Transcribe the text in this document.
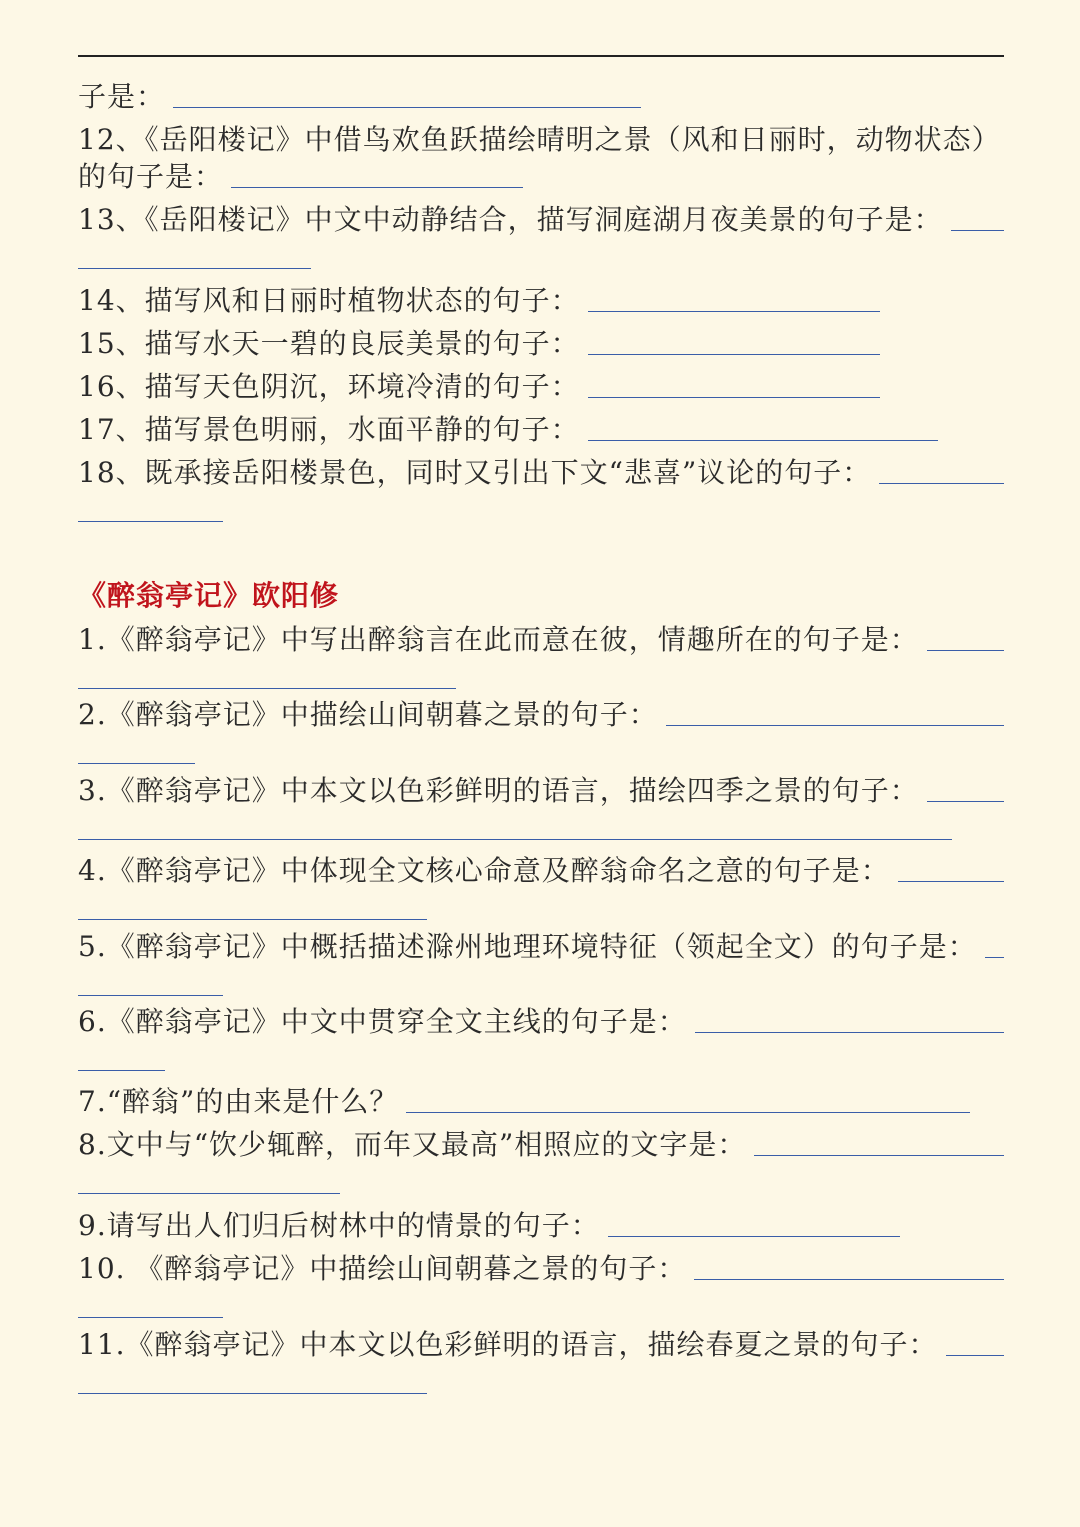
子是：
12、《岳阳楼记》中借鸟欢鱼跃描绘晴明之景（风和日丽时，动物状态）
的句子是：
13、《岳阳楼记》中文中动静结合，描写洞庭湖月夜美景的句子是：
14、描写风和日丽时植物状态的句子：
15、描写水天一碧的良辰美景的句子：
16、描写天色阴沉，环境冷清的句子：
17、描写景色明丽，水面平静的句子：
18、既承接岳阳楼景色，同时又引出下文“悲喜”议论的句子：
《醉翁亭记》欧阳修
1.《醉翁亭记》中写出醉翁言在此而意在彼，情趣所在的句子是：
2.《醉翁亭记》中描绘山间朝暮之景的句子：
3.《醉翁亭记》中本文以色彩鲜明的语言，描绘四季之景的句子：
4.《醉翁亭记》中体现全文核心命意及醉翁命名之意的句子是：
5.《醉翁亭记》中概括描述滁州地理环境特征（领起全文）的句子是：
6.《醉翁亭记》中文中贯穿全文主线的句子是：
7.“醉翁”的由来是什么？
8.文中与“饮少辄醉，而年又最高”相照应的文字是：
9.请写出人们归后树林中的情景的句子：
10. 《醉翁亭记》中描绘山间朝暮之景的句子：
11.《醉翁亭记》中本文以色彩鲜明的语言，描绘春夏之景的句子：
